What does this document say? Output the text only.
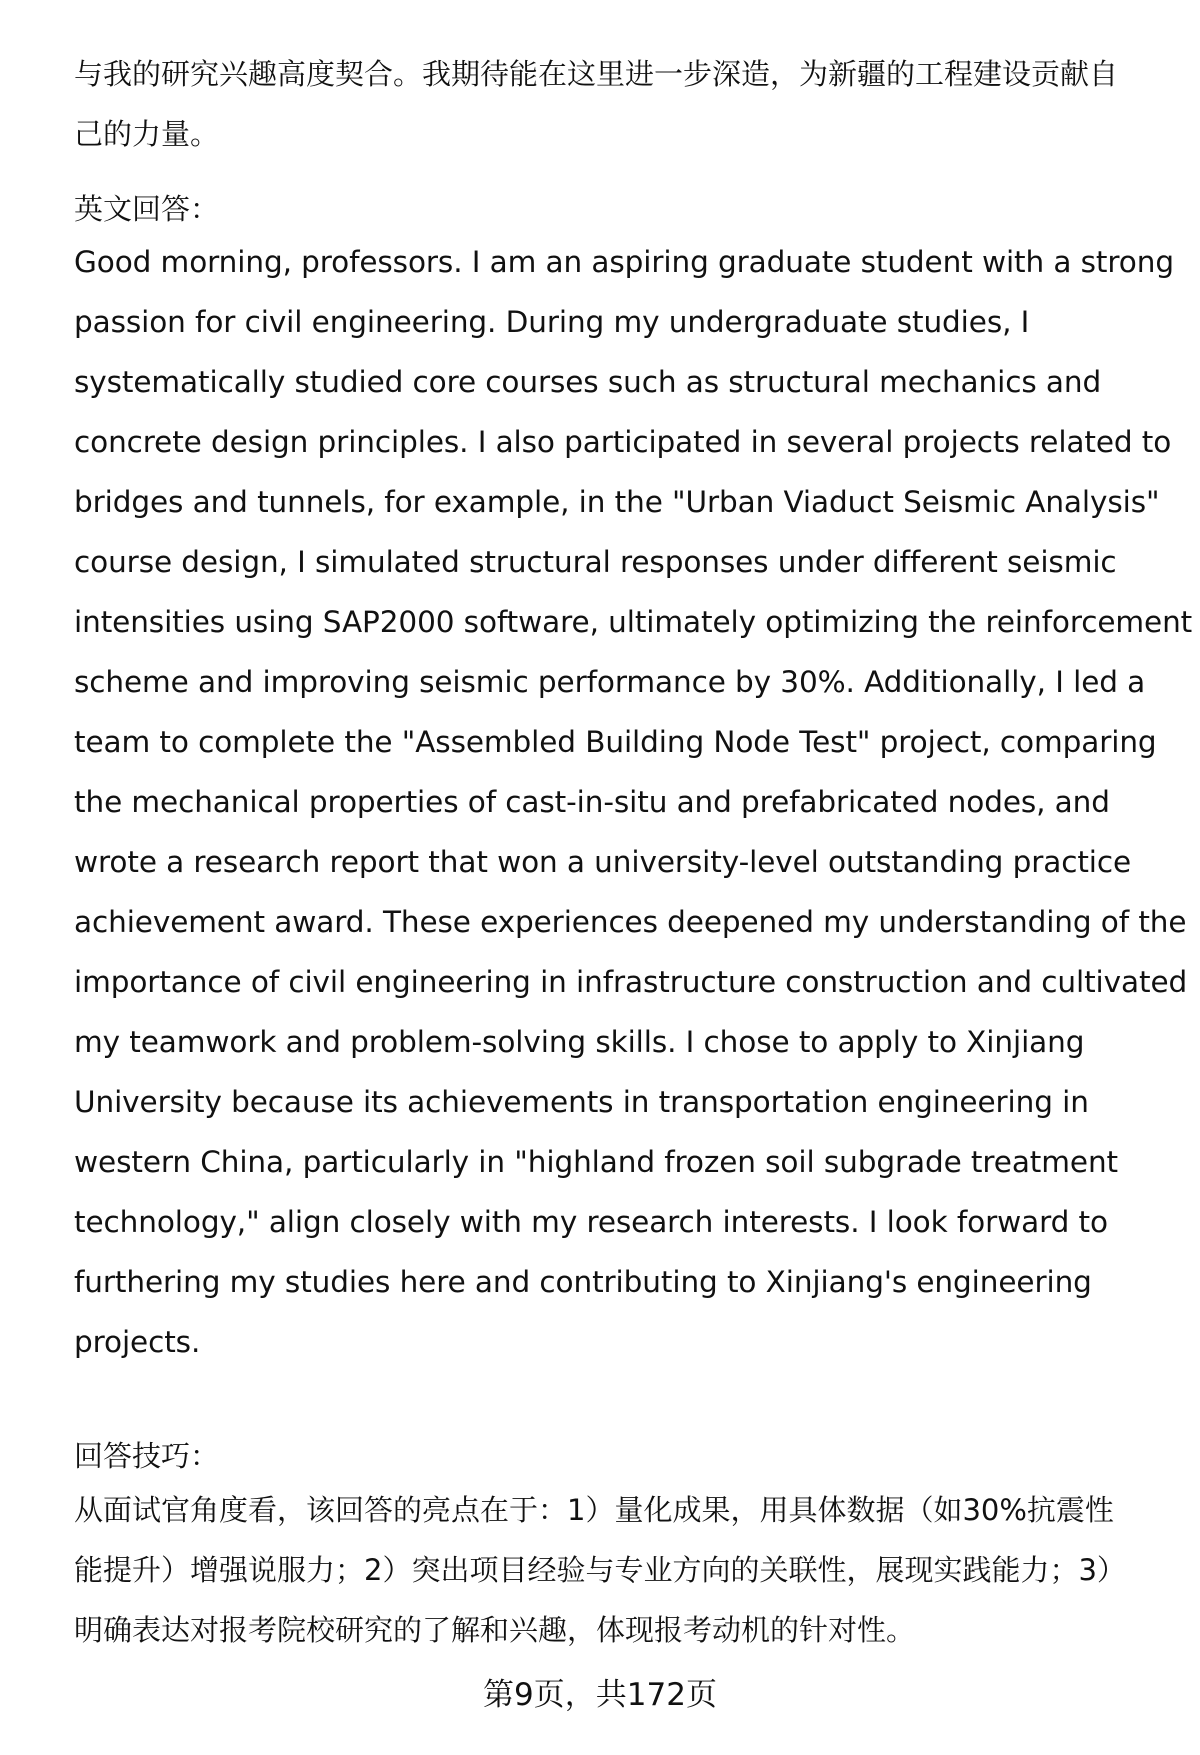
与我的研究兴趣高度契合。我期待能在这里进一步深造，为新疆的工程建设贡献自
己的力量。
英文回答：
Good morning, professors. I am an aspiring graduate student with a strong
passion for civil engineering. During my undergraduate studies, I
systematically studied core courses such as structural mechanics and
concrete design principles. I also participated in several projects related to
bridges and tunnels, for example, in the "Urban Viaduct Seismic Analysis"
course design, I simulated structural responses under different seismic
intensities using SAP2000 software, ultimately optimizing the reinforcement
scheme and improving seismic performance by 30%. Additionally, I led a
team to complete the "Assembled Building Node Test" project, comparing
the mechanical properties of cast-in-situ and prefabricated nodes, and
wrote a research report that won a university-level outstanding practice
achievement award. These experiences deepened my understanding of the
importance of civil engineering in infrastructure construction and cultivated
my teamwork and problem-solving skills. I chose to apply to Xinjiang
University because its achievements in transportation engineering in
western China, particularly in "highland frozen soil subgrade treatment
technology," align closely with my research interests. I look forward to
furthering my studies here and contributing to Xinjiang's engineering
projects.
回答技巧：
从面试官角度看，该回答的亮点在于：1）量化成果，用具体数据（如30%抗震性
能提升）增强说服力；2）突出项目经验与专业方向的关联性，展现实践能力；3）
明确表达对报考院校研究的了解和兴趣，体现报考动机的针对性。
第9页，共172页
